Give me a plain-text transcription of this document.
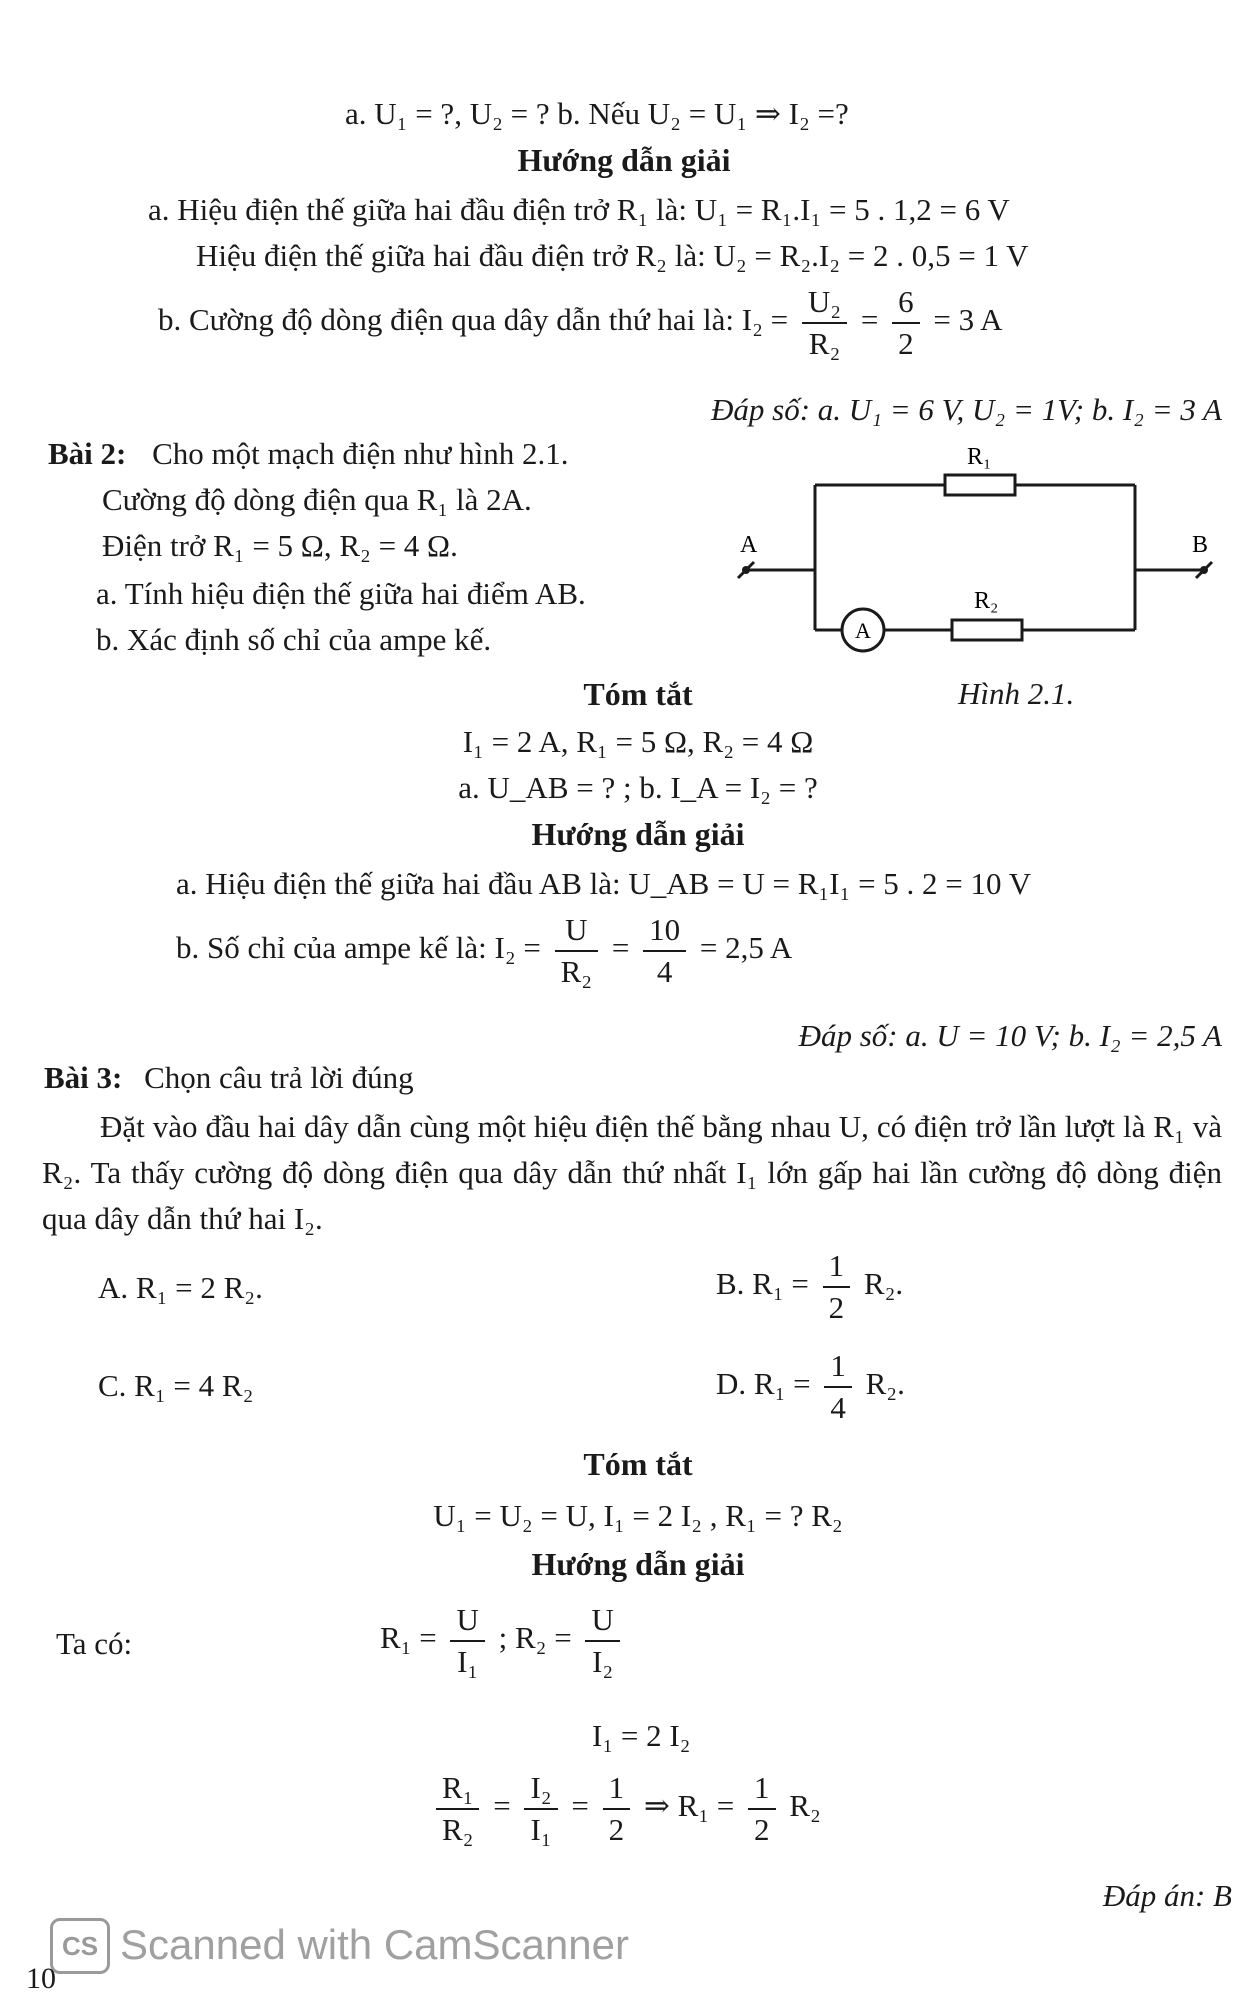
a. U₁ = ?, U₂ = ? b. Nếu U₂ = U₁ ⇒ I₂ =?
Hướng dẫn giải
a. Hiệu điện thế giữa hai đầu điện trở R₁ là: U₁ = R₁.I₁ = 5 . 1,2 = 6 V
Hiệu điện thế giữa hai đầu điện trở R₂ là: U₂ = R₂.I₂ = 2 . 0,5 = 1 V
b. Cường độ dòng điện qua dây dẫn thứ hai là: $I_2 = \frac{\text{U₂}}{\text{R₂}} = \frac{6}{2} = 3$ A
Đáp số: a. U₁ = 6 V, U₂ = 1V; b. I₂ = 3 A
Bài 2: Cho một mạch điện như hình 2.1.
Cường độ dòng điện qua R₁ là 2A.
Điện trở R₁ = 5 Ω, R₂ = 4 Ω.
a. Tính hiệu điện thế giữa hai điểm AB.
b. Xác định số chỉ của ampe kế.
R₁
R₂
A	B
A
Hình 2.1.
Tóm tắt
I₁ = 2 A, R₁ = 5 Ω, R₂ = 4 Ω
a. U_AB = ? ; b. I_A = I₂ = ?
Hướng dẫn giải
a. Hiệu điện thế giữa hai đầu AB là: U_AB = U = R₁I₁ = 5 . 2 = 10 V
b. Số chỉ của ampe kế là: $I_2 = \frac{U}{\text{R₂}} = \frac{10}{4} = 2,5$ A
Đáp số: a. U = 10 V; b. I₂ = 2,5 A
Bài 3: Chọn câu trả lời đúng
Đặt vào đầu hai dây dẫn cùng một hiệu điện thế bằng nhau U, có điện trở lần lượt là R₁ và R₂. Ta thấy cường độ dòng điện qua dây dẫn thứ nhất I₁ lớn gấp hai lần cường độ dòng điện qua dây dẫn thứ hai I₂.
A. R₁ = 2 R₂.	B. $R_1 = \frac{1}{2} R_2$.
C. R₁ = 4 R₂	D. $R_1 = \frac{1}{4} R_2$.
Tóm tắt
U₁ = U₂ = U, I₁ = 2 I₂ , R₁ = ? R₂
Hướng dẫn giải
Ta có:	$R_1 = \frac{U}{\text{I₁}}$ ; $R_2 = \frac{U}{\text{I₂}}$
I₁ = 2 I₂
$\frac{\text{R₁}}{\text{R₂}} = \frac{\text{I₂}}{\text{I₁}} = \frac{1}{2}$ ⇒ $R_1 = \frac{1}{2} R_2$
Đáp án: B
CS Scanned with CamScanner
10
